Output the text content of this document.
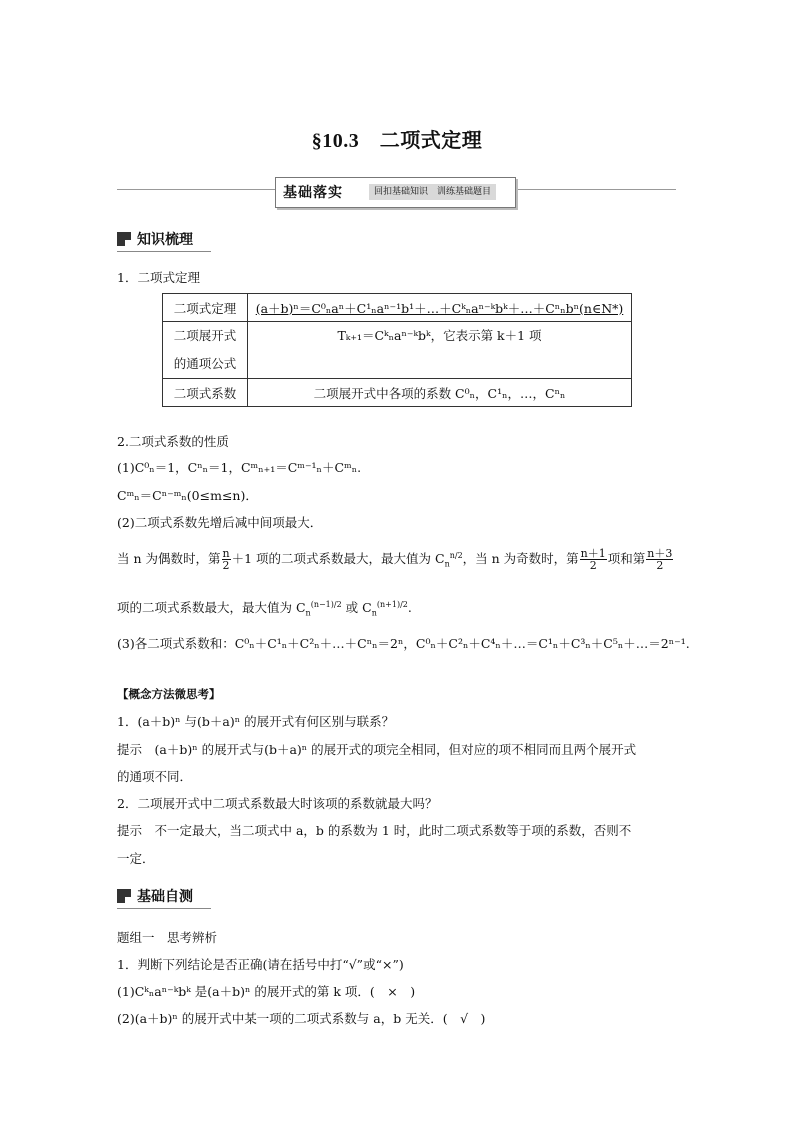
§10.3　二项式定理
基础落实	回扣基础知识　训练基础题目
知识梳理
1．二项式定理
二项式定理	(a＋b)ⁿ＝C⁰ₙaⁿ＋C¹ₙaⁿ⁻¹b¹＋…＋Cᵏₙaⁿ⁻ᵏbᵏ＋…＋Cⁿₙbⁿ(n∈N*)

二项展开式
的通项公式	Tₖ₊₁＝Cᵏₙaⁿ⁻ᵏbᵏ，它表示第 k＋1 项
二项式系数	二项展开式中各项的系数 C⁰ₙ，C¹ₙ，…，Cⁿₙ
2.二项式系数的性质
(1)C⁰ₙ＝1，Cⁿₙ＝1，Cᵐₙ₊₁＝Cᵐ⁻¹ₙ＋Cᵐₙ.
Cᵐₙ＝Cⁿ⁻ᵐₙ(0≤m≤n)．
(2)二项式系数先增后减中间项最大．
当 n 为偶数时，第 $\frac{n}{2} +1$ 项的二项式系数最大，最大值为 $C_n^{n/2}$，当 n 为奇数时，第 $\frac{n+1}{2}$ 项和第 $\frac{n+3}{2}$
项的二项式系数最大，最大值为 $C_n^{(n-1)/2}$ 或 $C_n^{(n+1)/2}$.
(3)各二项式系数和：C⁰ₙ＋C¹ₙ＋C²ₙ＋…＋Cⁿₙ＝2ⁿ，C⁰ₙ＋C²ₙ＋C⁴ₙ＋…＝C¹ₙ＋C³ₙ＋C⁵ₙ＋…＝2ⁿ⁻¹.
【概念方法微思考】
1．(a＋b)ⁿ 与(b＋a)ⁿ 的展开式有何区别与联系？
提示　(a＋b)ⁿ 的展开式与(b＋a)ⁿ 的展开式的项完全相同，但对应的项不相同而且两个展开式
的通项不同．
2．二项展开式中二项式系数最大时该项的系数就最大吗？
提示　不一定最大，当二项式中 a，b 的系数为 1 时，此时二项式系数等于项的系数，否则不
一定．
基础自测
题组一　思考辨析
1．判断下列结论是否正确(请在括号中打“√”或“×”)
(1)Cᵏₙaⁿ⁻ᵏbᵏ 是(a＋b)ⁿ 的展开式的第 k 项．(　×　)
(2)(a＋b)ⁿ 的展开式中某一项的二项式系数与 a，b 无关．(　√　)
